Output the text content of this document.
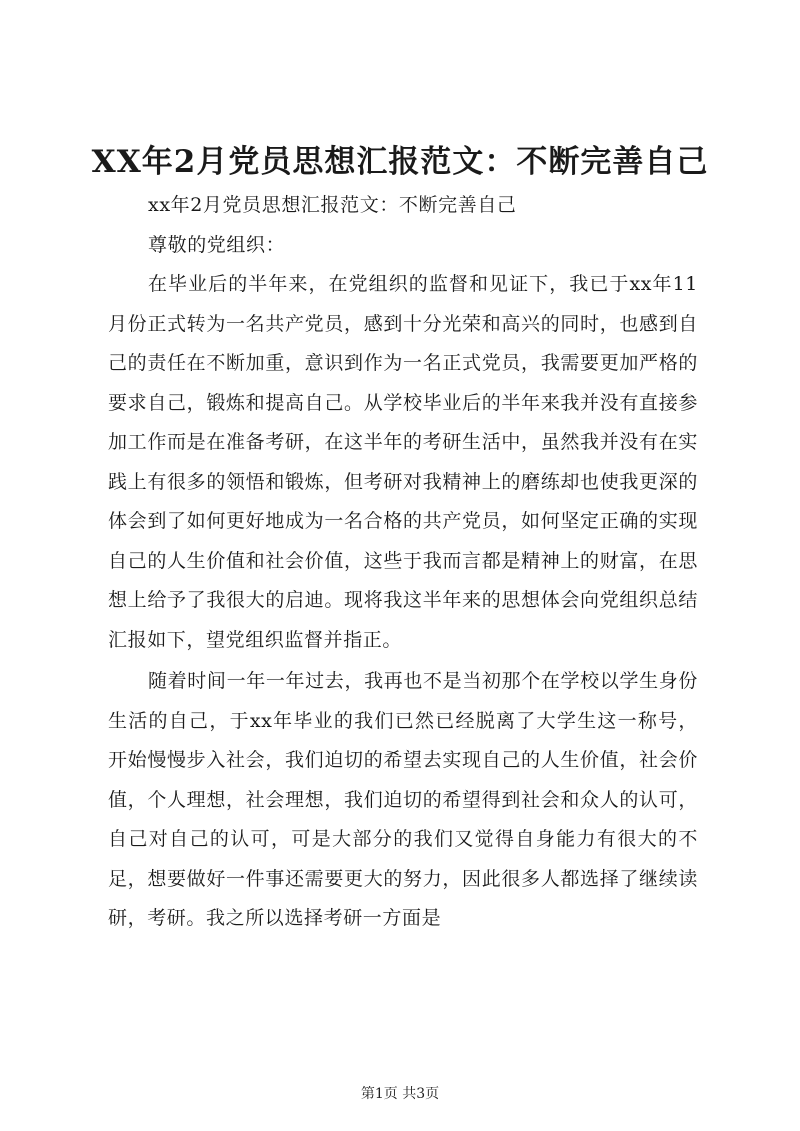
XX年2月党员思想汇报范文：不断完善自己

xx年2月党员思想汇报范文：不断完善自己

尊敬的党组织：

在毕业后的半年来，在党组织的监督和见证下，我已于xx年11月份正式转为一名共产党员，感到十分光荣和高兴的同时，也感到自己的责任在不断加重，意识到作为一名正式党员，我需要更加严格的要求自己，锻炼和提高自己。从学校毕业后的半年来我并没有直接参加工作而是在准备考研，在这半年的考研生活中，虽然我并没有在实践上有很多的领悟和锻炼，但考研对我精神上的磨练却也使我更深的体会到了如何更好地成为一名合格的共产党员，如何坚定正确的实现自己的人生价值和社会价值，这些于我而言都是精神上的财富，在思想上给予了我很大的启迪。现将我这半年来的思想体会向党组织总结汇报如下，望党组织监督并指正。

随着时间一年一年过去，我再也不是当初那个在学校以学生身份生活的自己，于xx年毕业的我们已然已经脱离了大学生这一称号，开始慢慢步入社会，我们迫切的希望去实现自己的人生价值，社会价值，个人理想，社会理想，我们迫切的希望得到社会和众人的认可，自己对自己的认可，可是大部分的我们又觉得自身能力有很大的不足，想要做好一件事还需要更大的努力，因此很多人都选择了继续读研，考研。我之所以选择考研一方面是

第1页 共3页
